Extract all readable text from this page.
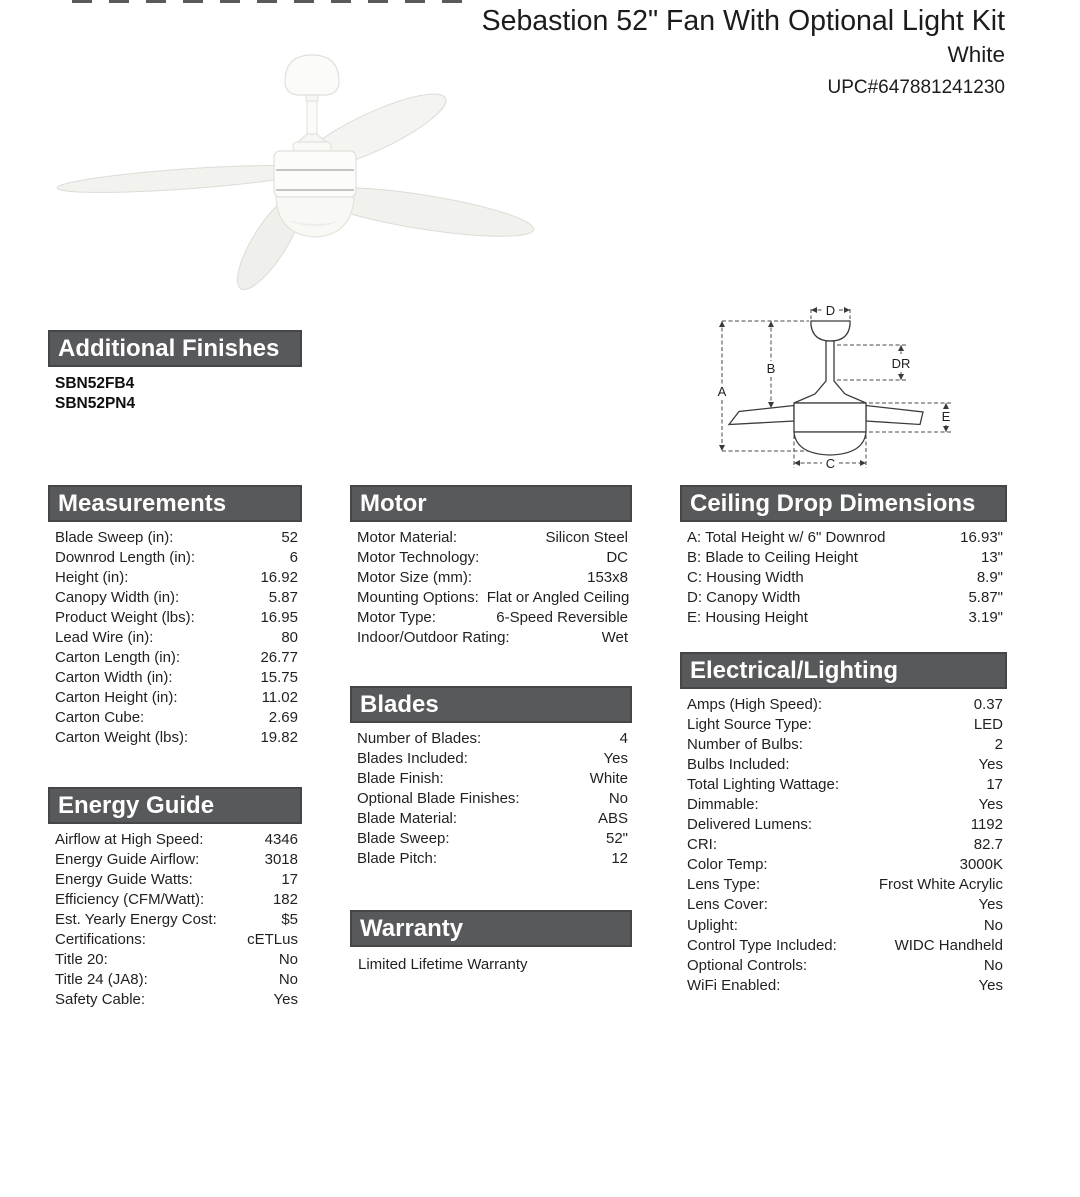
Sebastion 52" Fan With Optional Light Kit
White
UPC#647881241230
D
A
B	DR
E
C
Additional Finishes
SBN52FB4
SBN52PN4
Measurements
Blade Sweep (in):	52
Downrod Length (in):	6
Height (in):	16.92
Canopy Width (in):	5.87
Product Weight (lbs):	16.95
Lead Wire (in):	80
Carton Length (in):	26.77
Carton Width (in):	15.75
Carton Height (in):	11.02
Carton Cube:	2.69
Carton Weight (lbs):	19.82
Energy Guide
Airflow at High Speed:	4346
Energy Guide Airflow:	3018
Energy Guide Watts:	17
Efficiency (CFM/Watt):	182
Est. Yearly Energy Cost:	$5
Certifications:	cETLus
Title 20:	No
Title 24 (JA8):	No
Safety Cable:	Yes
Motor
Motor Material:	Silicon Steel
Motor Technology:	DC
Motor Size (mm):	153x8
Mounting Options: Flat or Angled Ceiling
Motor Type:	6-Speed Reversible
Indoor/Outdoor Rating:	Wet
Blades
Number of Blades:	4
Blades Included:	Yes
Blade Finish:	White
Optional Blade Finishes:	No
Blade Material:	ABS
Blade Sweep:	52"
Blade Pitch:	12
Warranty
Limited Lifetime Warranty
Ceiling Drop Dimensions
A: Total Height w/ 6" Downrod	16.93"
B: Blade to Ceiling Height	13"
C: Housing Width	8.9"
D: Canopy Width	5.87"
E: Housing Height	3.19"
Electrical/Lighting
Amps (High Speed):	0.37
Light Source Type:	LED
Number of Bulbs:	2
Bulbs Included:	Yes
Total Lighting Wattage:	17
Dimmable:	Yes
Delivered Lumens:	1192
CRI:	82.7
Color Temp:	3000K
Lens Type:	Frost White Acrylic
Lens Cover:	Yes
Uplight:	No
Control Type Included:	WIDC Handheld
Optional Controls:	No
WiFi Enabled:	Yes
